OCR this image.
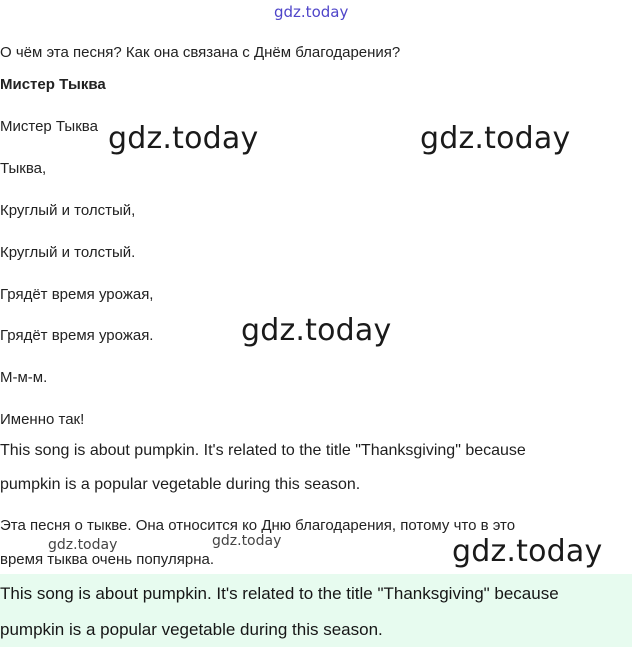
gdz.today

О чём эта песня? Как она связана с Днём благодарения?

Мистер Тыква

Мистер Тыква

Тыква,

Круглый и толстый,

Круглый и толстый.

Грядёт время урожая,

Грядёт время урожая.

М-м-м.

Именно так!

This song is about pumpkin. It's related to the title "Thanksgiving" because

pumpkin is a popular vegetable during this season.

Эта песня о тыкве. Она относится ко Дню благодарения, потому что в это

время тыква очень популярна.

This song is about pumpkin. It's related to the title "Thanksgiving" because

pumpkin is a popular vegetable during this season.

gdz.today	gdz.today
gdz.today
gdz.today
gdz.today	gdz.today
